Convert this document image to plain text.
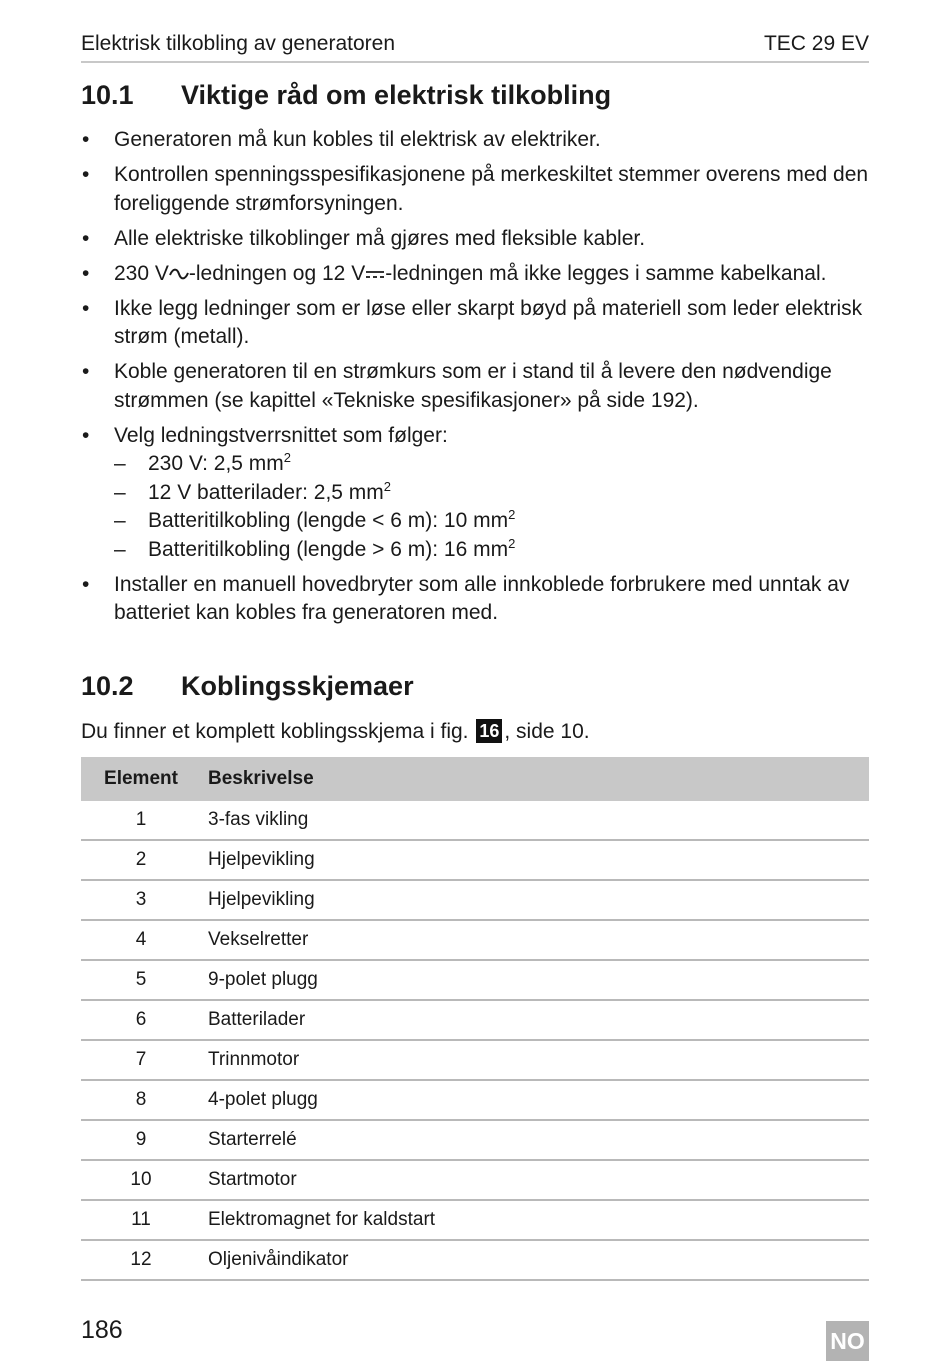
Elektrisk tilkobling av generatoren	TEC 29 EV
10.1 Viktige råd om elektrisk tilkobling
• Generatoren må kun kobles til elektrisk av elektriker.
• Kontrollen spenningsspesifikasjonene på merkeskiltet stemmer overens med den foreliggende strømforsyningen.
• Alle elektriske tilkoblinger må gjøres med fleksible kabler.
• 230 V -ledningen og 12 V -ledningen må ikke legges i samme kabelkanal.
• Ikke legg ledninger som er løse eller skarpt bøyd på materiell som leder elektrisk strøm (metall).
• Koble generatoren til en strømkurs som er i stand til å levere den nødvendige strømmen (se kapittel «Tekniske spesifikasjoner» på side 192).
• Velg ledningstverrsnittet som følger:
– 230 V: 2,5 $mm^2$
– 12 V batterilader: 2,5 $mm^2$
– Batteritilkobling (lengde < 6 m): 10 $mm^2$
– Batteritilkobling (lengde > 6 m): 16 $mm^2$
• Installer en manuell hovedbryter som alle innkoblede forbrukere med unntak av batteriet kan kobles fra generatoren med.
10.2 Koblingsskjemaer
Du finner et komplett koblingsskjema i fig. 16 , side 10.
Element	Beskrivelse
1	3-fas vikling
2	Hjelpevikling
3	Hjelpevikling
4	Vekselretter
5	9-polet plugg
6	Batterilader
7	Trinnmotor
8	4-polet plugg
9	Starterrelé
10	Startmotor
11	Elektromagnet for kaldstart
12	Oljenivåindikator
186	NO
